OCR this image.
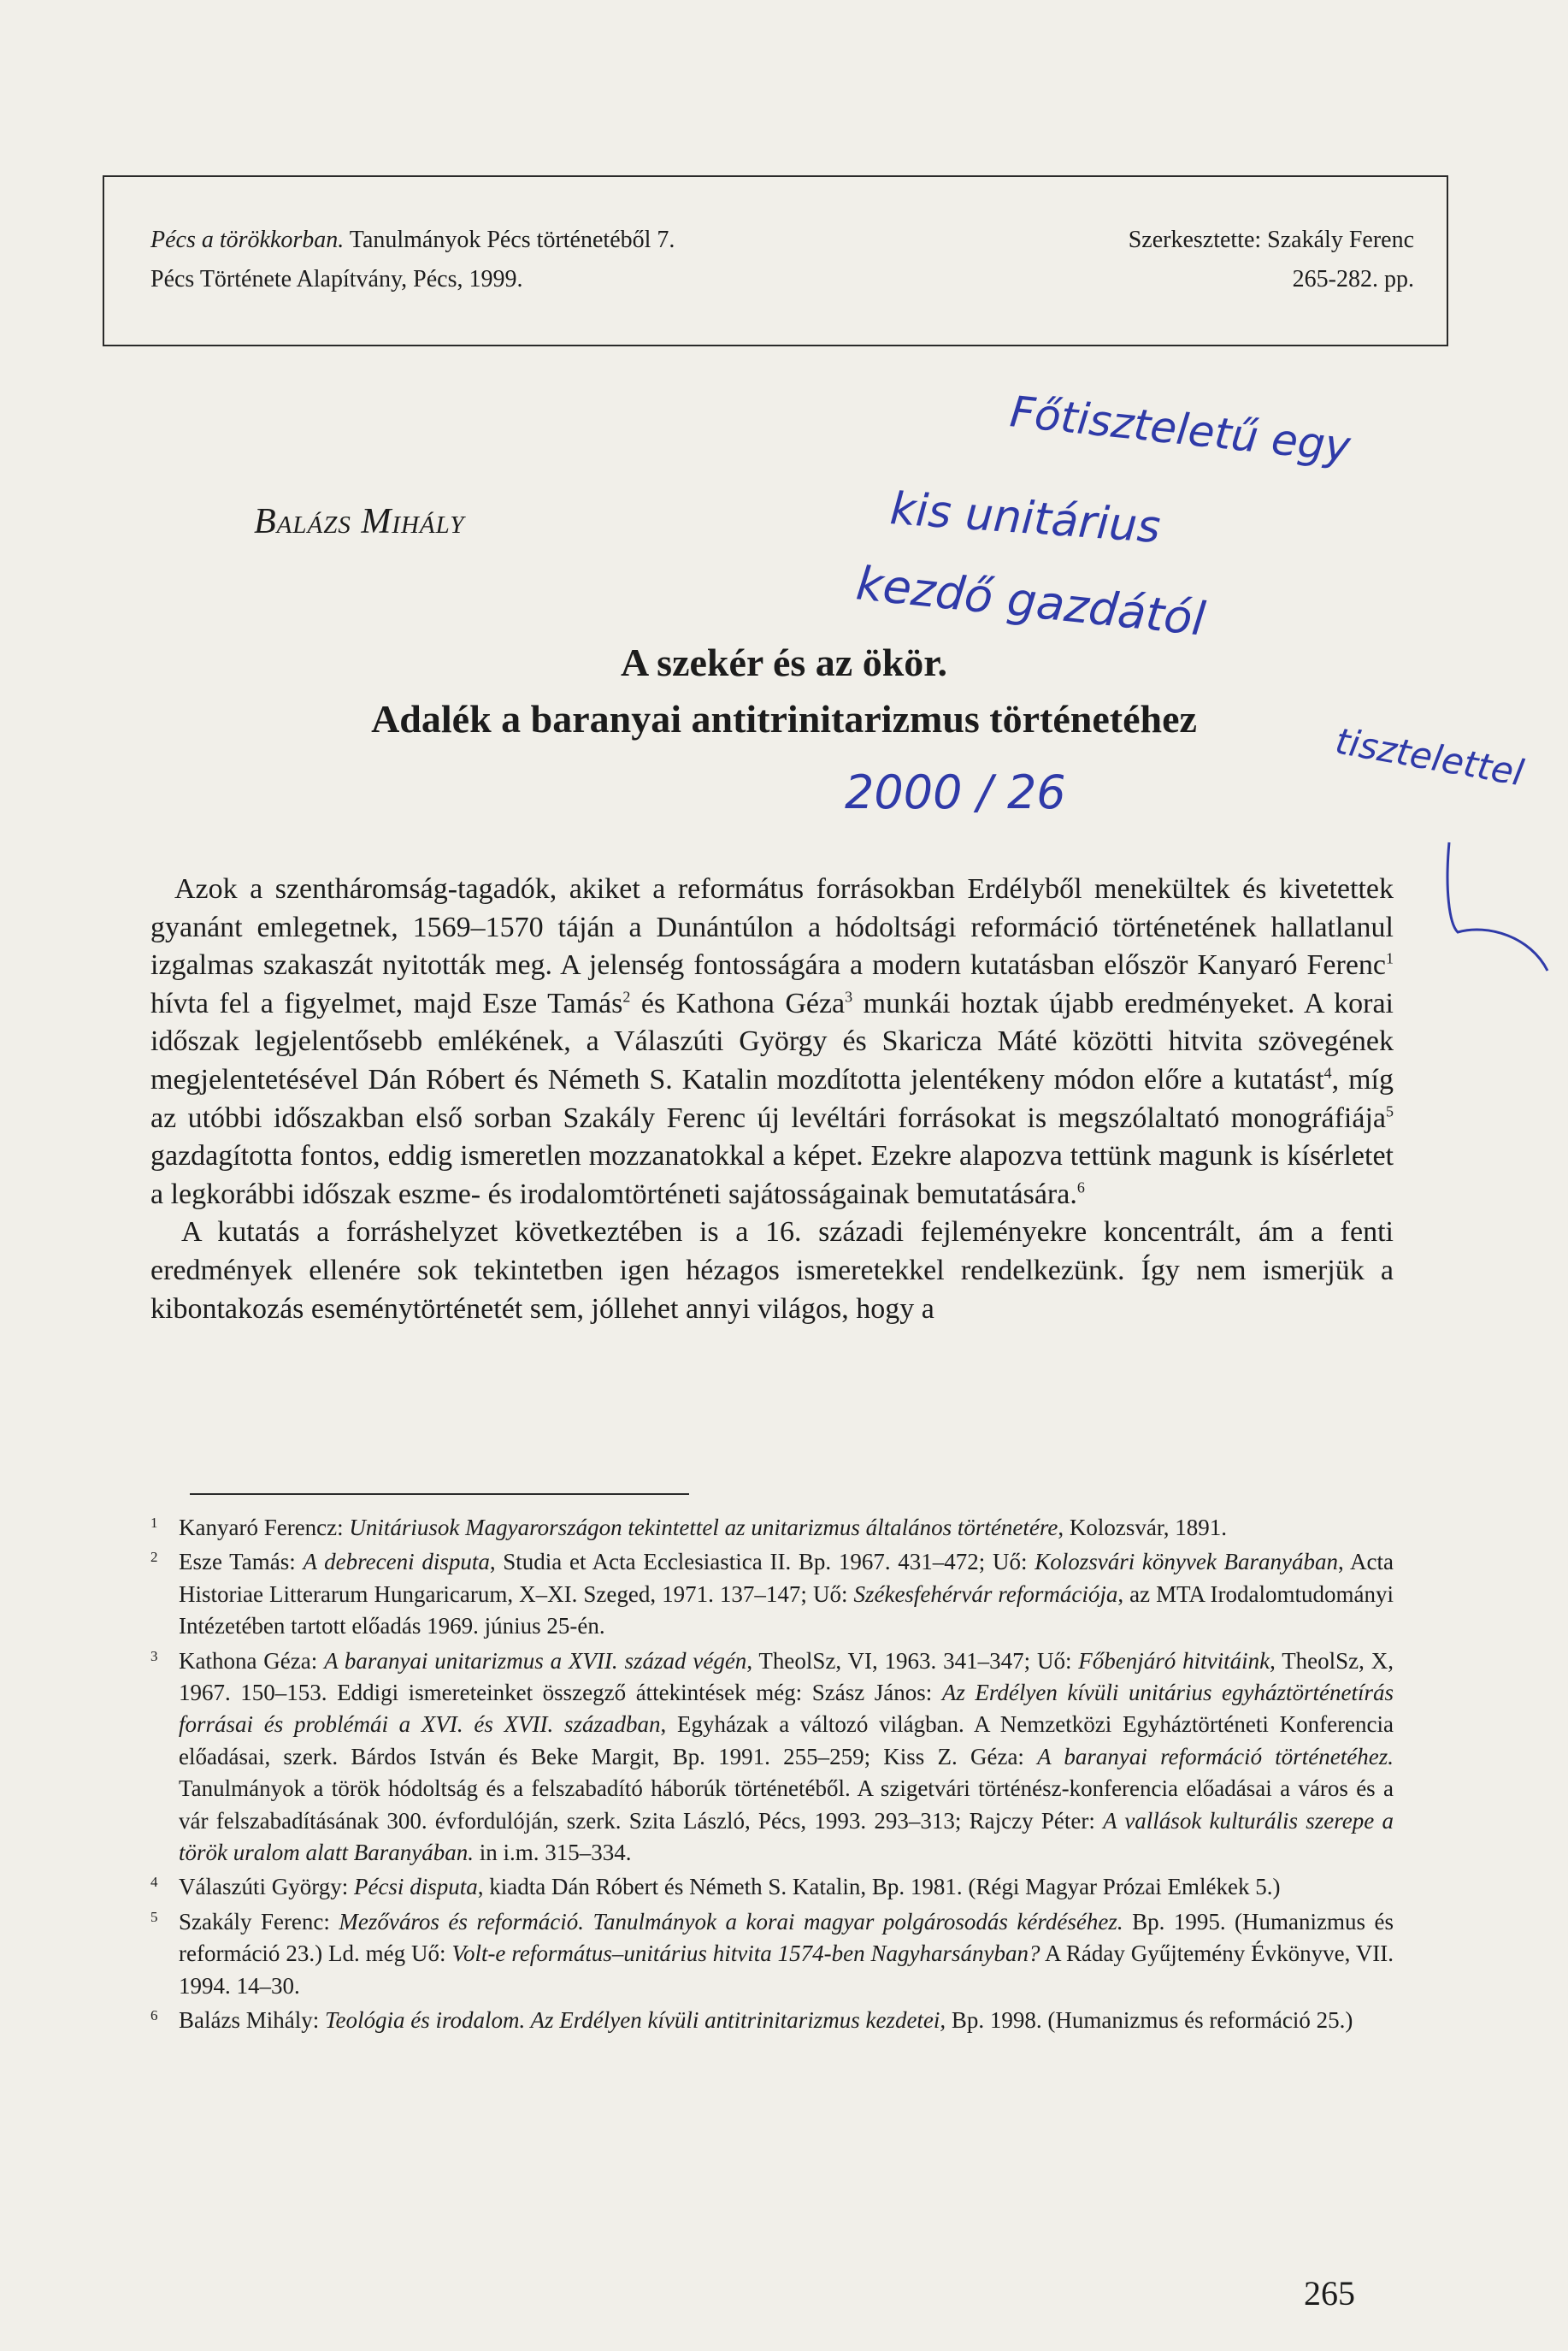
Pécs a törökkorban. Tanulmányok Pécs történetéből 7.	Szerkesztette: Szakály Ferenc
Pécs Története Alapítvány, Pécs, 1999.	265-282. pp.
Balázs Mihály
A szekér és az ökör.
Adalék a baranyai antitrinitarizmus történetéhez

Azok a szentháromság-tagadók, akiket a református forrásokban Erdélyből menekültek és kivetettek gyanánt emlegetnek, 1569–1570 táján a Dunántúlon a hódoltsági reformáció történetének hallatlanul izgalmas szakaszát nyitották meg. A jelenség fontosságára a modern kutatásban először Kanyaró Ferenc$^1$ hívta fel a figyelmet, majd Esze Tamás$^2$ és Kathona Géza$^3$ munkái hoztak újabb eredményeket. A korai időszak legjelentősebb emlékének, a Válaszúti György és Skaricza Máté közötti hitvita szövegének megjelentetésével Dán Róbert és Németh S. Katalin mozdította jelentékeny módon előre a kutatást$^4$, míg az utóbbi időszakban első sorban Szakály Ferenc új levéltári forrásokat is megszólaltató monográfiája$^5$ gazdagította fontos, eddig ismeretlen mozzanatokkal a képet. Ezekre alapozva tettünk magunk is kísérletet a legkorábbi időszak eszme- és irodalomtörténeti sajátosságainak bemutatására.$^6$

A kutatás a forráshelyzet következtében is a 16. századi fejleményekre koncentrált, ám a fenti eredmények ellenére sok tekintetben igen hézagos ismeretekkel rendelkezünk. Így nem ismerjük a kibontakozás eseménytörténetét sem, jóllehet annyi világos, hogy a

1 Kanyaró Ferencz: Unitáriusok Magyarországon tekintettel az unitarizmus általános történetére, Kolozsvár, 1891.
2 Esze Tamás: A debreceni disputa, Studia et Acta Ecclesiastica II. Bp. 1967. 431–472; Uő: Kolozsvári könyvek Baranyában, Acta Historiae Litterarum Hungaricarum, X–XI. Szeged, 1971. 137–147; Uő: Székesfehérvár reformációja, az MTA Irodalomtudományi Intézetében tartott előadás 1969. június 25-én.
3 Kathona Géza: A baranyai unitarizmus a XVII. század végén, TheolSz, VI, 1963. 341–347; Uő: Főbenjáró hitvitáink, TheolSz, X, 1967. 150–153. Eddigi ismereteinket összegző áttekintések még: Szász János: Az Erdélyen kívüli unitárius egyháztörténetírás forrásai és problémái a XVI. és XVII. században, Egyházak a változó világban. A Nemzetközi Egyháztörténeti Konferencia előadásai, szerk. Bárdos István és Beke Margit, Bp. 1991. 255–259; Kiss Z. Géza: A baranyai reformáció történetéhez. Tanulmányok a török hódoltság és a felszabadító háborúk történetéből. A szigetvári történész-konferencia előadásai a város és a vár felszabadításának 300. évfordulóján, szerk. Szita László, Pécs, 1993. 293–313; Rajczy Péter: A vallások kulturális szerepe a török uralom alatt Baranyában. in i.m. 315–334.
4 Válaszúti György: Pécsi disputa, kiadta Dán Róbert és Németh S. Katalin, Bp. 1981. (Régi Magyar Prózai Emlékek 5.)
5 Szakály Ferenc: Mezőváros és reformáció. Tanulmányok a korai magyar polgárosodás kérdéséhez. Bp. 1995. (Humanizmus és reformáció 23.) Ld. még Uő: Volt-e református–unitárius hitvita 1574-ben Nagyharsányban? A Ráday Gyűjtemény Évkönyve, VII. 1994. 14–30.
6 Balázs Mihály: Teológia és irodalom. Az Erdélyen kívüli antitrinitarizmus kezdetei, Bp. 1998. (Humanizmus és reformáció 25.)
265
Főtiszteletű egy
kis unitárius
kezdő gazdától
tisztelettel
2000 / 26
